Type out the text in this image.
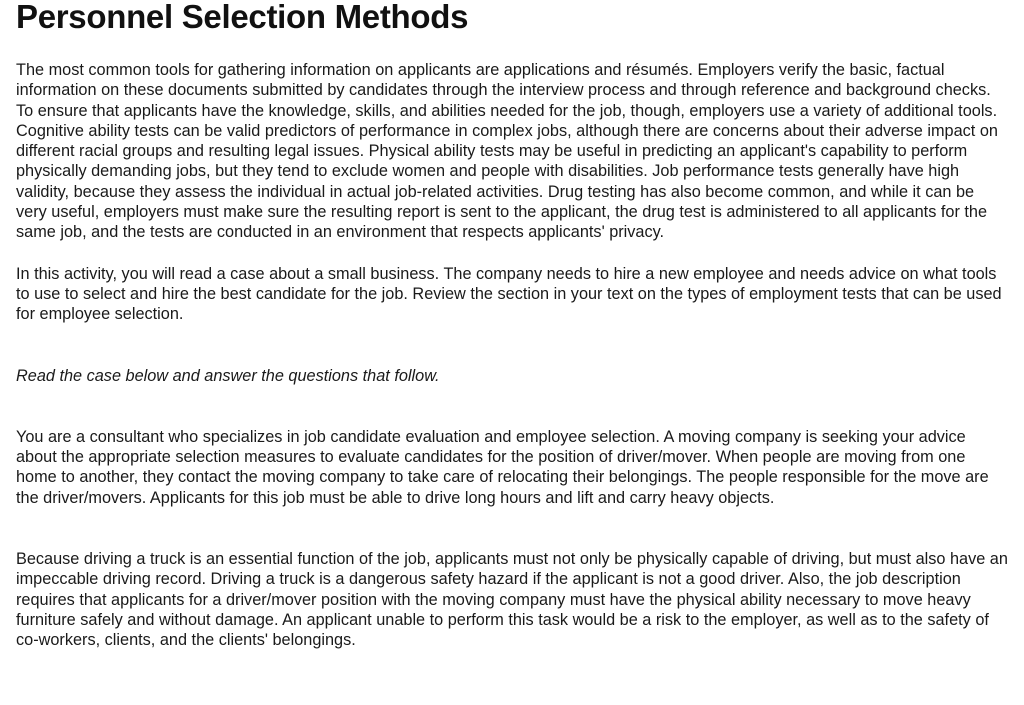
Personnel Selection Methods

The most common tools for gathering information on applicants are applications and résumés. Employers verify the basic, factual information on these documents submitted by candidates through the interview process and through reference and background checks. To ensure that applicants have the knowledge, skills, and abilities needed for the job, though, employers use a variety of additional tools. Cognitive ability tests can be valid predictors of performance in complex jobs, although there are concerns about their adverse impact on different racial groups and resulting legal issues. Physical ability tests may be useful in predicting an applicant's capability to perform physically demanding jobs, but they tend to exclude women and people with disabilities. Job performance tests generally have high validity, because they assess the individual in actual job-related activities. Drug testing has also become common, and while it can be very useful, employers must make sure the resulting report is sent to the applicant, the drug test is administered to all applicants for the same job, and the tests are conducted in an environment that respects applicants' privacy.

In this activity, you will read a case about a small business. The company needs to hire a new employee and needs advice on what tools to use to select and hire the best candidate for the job. Review the section in your text on the types of employment tests that can be used for employee selection.

Read the case below and answer the questions that follow.

You are a consultant who specializes in job candidate evaluation and employee selection. A moving company is seeking your advice about the appropriate selection measures to evaluate candidates for the position of driver/mover. When people are moving from one home to another, they contact the moving company to take care of relocating their belongings. The people responsible for the move are the driver/movers. Applicants for this job must be able to drive long hours and lift and carry heavy objects.

Because driving a truck is an essential function of the job, applicants must not only be physically capable of driving, but must also have an impeccable driving record. Driving a truck is a dangerous safety hazard if the applicant is not a good driver. Also, the job description requires that applicants for a driver/mover position with the moving company must have the physical ability necessary to move heavy furniture safely and without damage. An applicant unable to perform this task would be a risk to the employer, as well as to the safety of co-workers, clients, and the clients' belongings.
